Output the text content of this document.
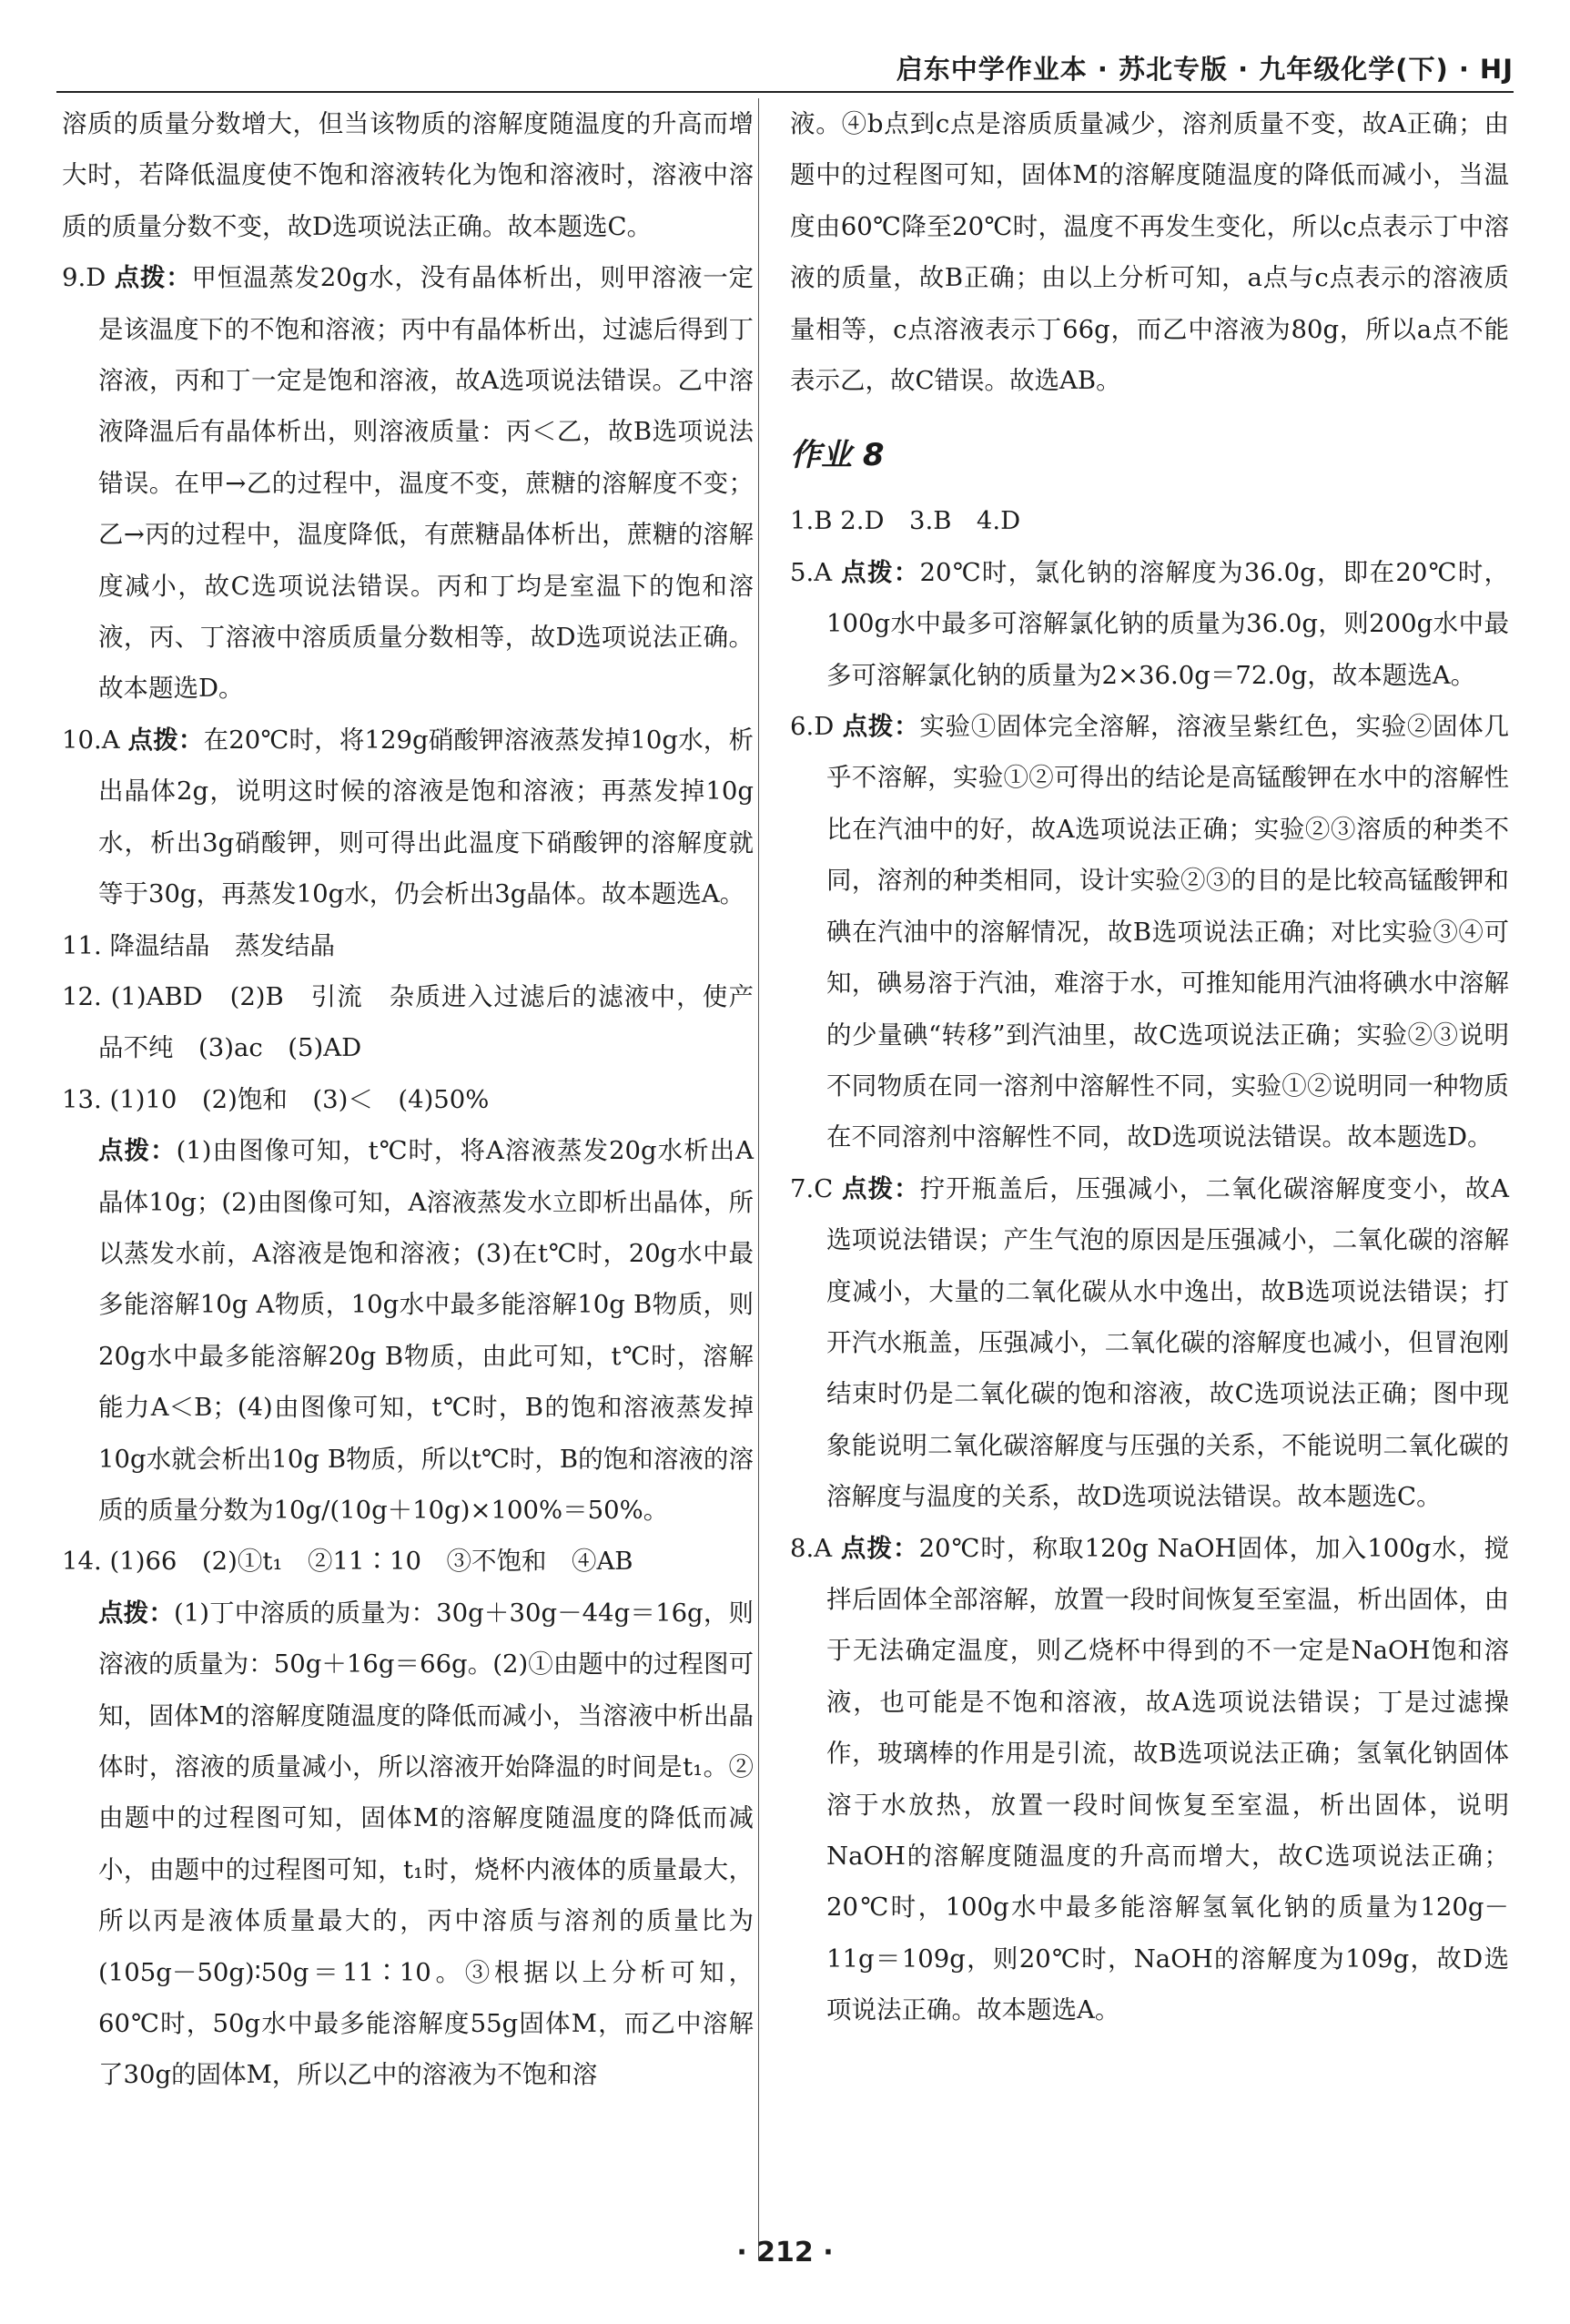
启东中学作业本 · 苏北专版 · 九年级化学(下) · HJ

溶质的质量分数增大，但当该物质的溶解度随温度的升高而增大时，若降低温度使不饱和溶液转化为饱和溶液时，溶液中溶质的质量分数不变，故D选项说法正确。故本题选C。

9.D 点拨：甲恒温蒸发20g水，没有晶体析出，则甲溶液一定是该温度下的不饱和溶液；丙中有晶体析出，过滤后得到丁溶液，丙和丁一定是饱和溶液，故A选项说法错误。乙中溶液降温后有晶体析出，则溶液质量：丙＜乙，故B选项说法错误。在甲→乙的过程中，温度不变，蔗糖的溶解度不变；乙→丙的过程中，温度降低，有蔗糖晶体析出，蔗糖的溶解度减小，故C选项说法错误。丙和丁均是室温下的饱和溶液，丙、丁溶液中溶质质量分数相等，故D选项说法正确。故本题选D。

10.A 点拨：在20℃时，将129g硝酸钾溶液蒸发掉10g水，析出晶体2g，说明这时候的溶液是饱和溶液；再蒸发掉10g水，析出3g硝酸钾，则可得出此温度下硝酸钾的溶解度就等于30g，再蒸发10g水，仍会析出3g晶体。故本题选A。

11. 降温结晶　蒸发结晶

12. (1)ABD　(2)B　引流　杂质进入过滤后的滤液中，使产品不纯　(3)ac　(5)AD

13. (1)10　(2)饱和　(3)＜　(4)50%

点拨：(1)由图像可知，t℃时，将A溶液蒸发20g水析出A晶体10g；(2)由图像可知，A溶液蒸发水立即析出晶体，所以蒸发水前，A溶液是饱和溶液；(3)在t℃时，20g水中最多能溶解10g A物质，10g水中最多能溶解10g B物质，则20g水中最多能溶解20g B物质，由此可知，t℃时，溶解能力A＜B；(4)由图像可知，t℃时，B的饱和溶液蒸发掉10g水就会析出10g B物质，所以t℃时，B的饱和溶液的溶质的质量分数为10g/(10g＋10g)×100%＝50%。

14. (1)66　(2)①t₁　②11∶10　③不饱和　④AB

点拨：(1)丁中溶质的质量为：30g＋30g－44g＝16g，则溶液的质量为：50g＋16g＝66g。(2)①由题中的过程图可知，固体M的溶解度随温度的降低而减小，当溶液中析出晶体时，溶液的质量减小，所以溶液开始降温的时间是t₁。②由题中的过程图可知，固体M的溶解度随温度的降低而减小，由题中的过程图可知，t₁时，烧杯内液体的质量最大，所以丙是液体质量最大的，丙中溶质与溶剂的质量比为(105g－50g)∶50g＝11∶10。③根据以上分析可知，60℃时，50g水中最多能溶解度55g固体M，而乙中溶解了30g的固体M，所以乙中的溶液为不饱和溶

液。④b点到c点是溶质质量减少，溶剂质量不变，故A正确；由题中的过程图可知，固体M的溶解度随温度的降低而减小，当温度由60℃降至20℃时，温度不再发生变化，所以c点表示丁中溶液的质量，故B正确；由以上分析可知，a点与c点表示的溶液质量相等，c点溶液表示丁66g，而乙中溶液为80g，所以a点不能表示乙，故C错误。故选AB。

作业 8

1.B 2.D　3.B　4.D

5.A 点拨：20℃时，氯化钠的溶解度为36.0g，即在20℃时，100g水中最多可溶解氯化钠的质量为36.0g，则200g水中最多可溶解氯化钠的质量为2×36.0g＝72.0g，故本题选A。

6.D 点拨：实验①固体完全溶解，溶液呈紫红色，实验②固体几乎不溶解，实验①②可得出的结论是高锰酸钾在水中的溶解性比在汽油中的好，故A选项说法正确；实验②③溶质的种类不同，溶剂的种类相同，设计实验②③的目的是比较高锰酸钾和碘在汽油中的溶解情况，故B选项说法正确；对比实验③④可知，碘易溶于汽油，难溶于水，可推知能用汽油将碘水中溶解的少量碘“转移”到汽油里，故C选项说法正确；实验②③说明不同物质在同一溶剂中溶解性不同，实验①②说明同一种物质在不同溶剂中溶解性不同，故D选项说法错误。故本题选D。

7.C 点拨：拧开瓶盖后，压强减小，二氧化碳溶解度变小，故A选项说法错误；产生气泡的原因是压强减小，二氧化碳的溶解度减小，大量的二氧化碳从水中逸出，故B选项说法错误；打开汽水瓶盖，压强减小，二氧化碳的溶解度也减小，但冒泡刚结束时仍是二氧化碳的饱和溶液，故C选项说法正确；图中现象能说明二氧化碳溶解度与压强的关系，不能说明二氧化碳的溶解度与温度的关系，故D选项说法错误。故本题选C。

8.A 点拨：20℃时，称取120g NaOH固体，加入100g水，搅拌后固体全部溶解，放置一段时间恢复至室温，析出固体，由于无法确定温度，则乙烧杯中得到的不一定是NaOH饱和溶液，也可能是不饱和溶液，故A选项说法错误；丁是过滤操作，玻璃棒的作用是引流，故B选项说法正确；氢氧化钠固体溶于水放热，放置一段时间恢复至室温，析出固体，说明NaOH的溶解度随温度的升高而增大，故C选项说法正确；20℃时，100g水中最多能溶解氢氧化钠的质量为120g－11g＝109g，则20℃时，NaOH的溶解度为109g，故D选项说法正确。故本题选A。

· 212 ·
